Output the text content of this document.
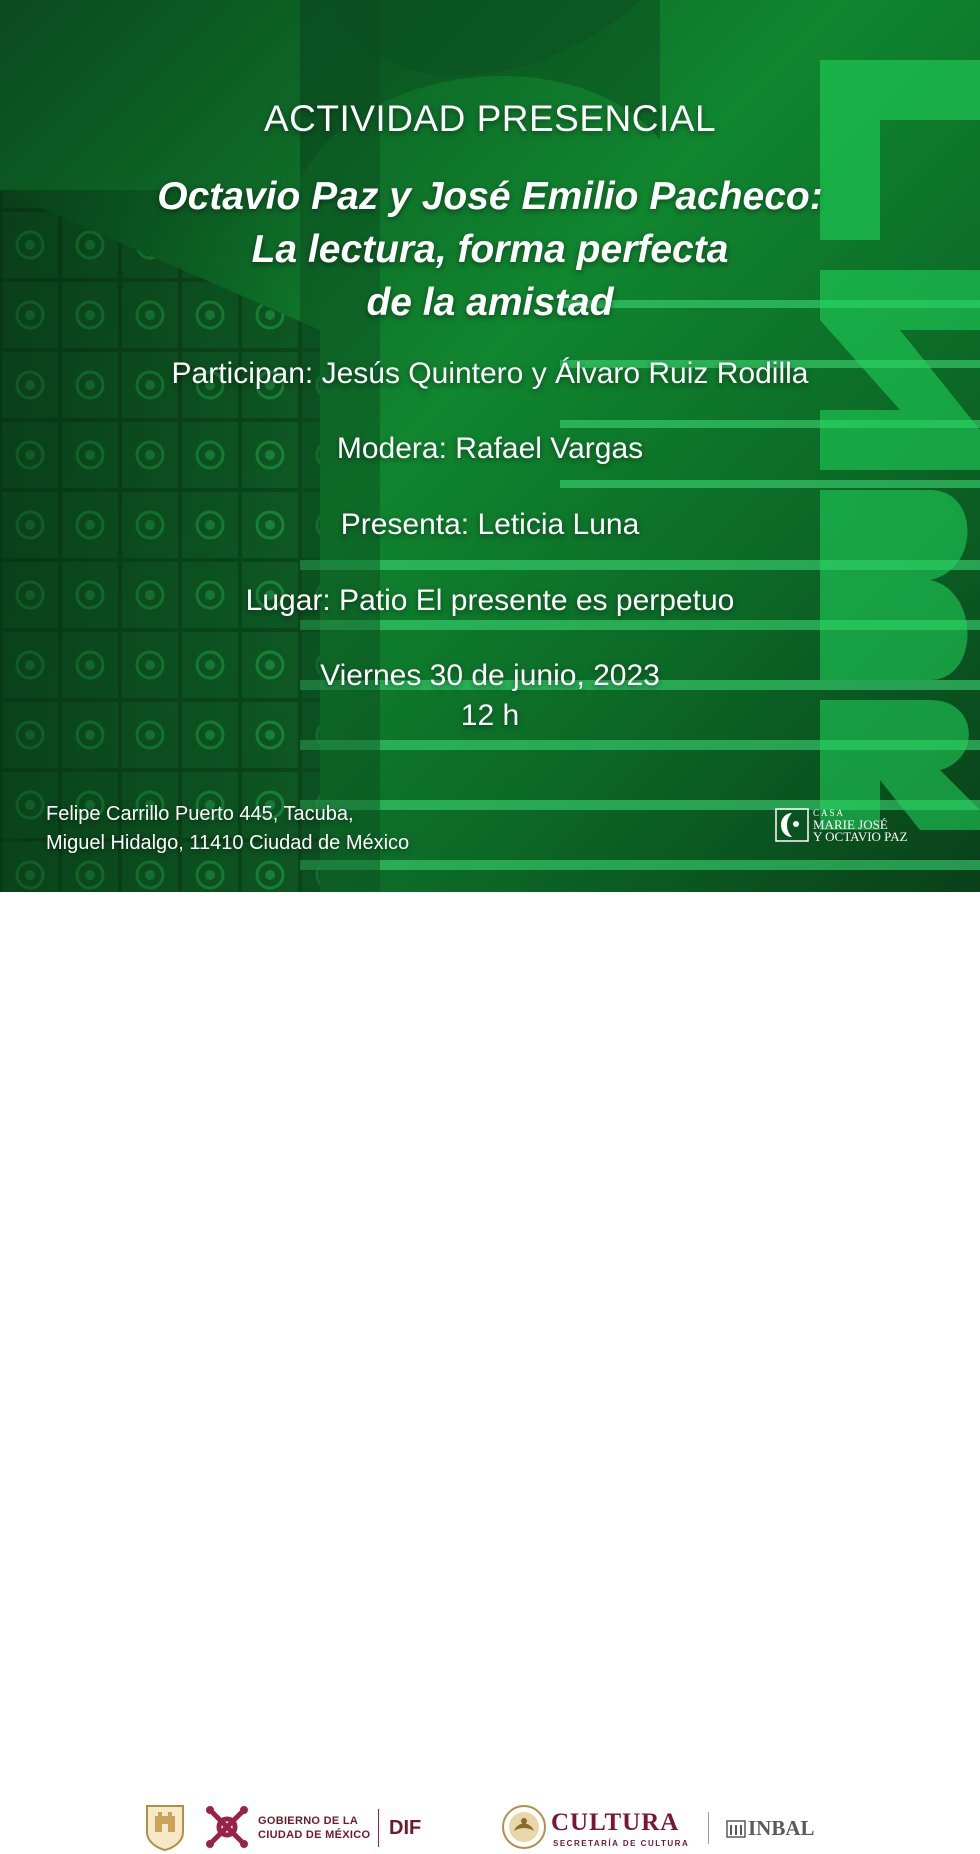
ACTIVIDAD PRESENCIAL
Octavio Paz y José Emilio Pacheco:
La lectura, forma perfecta
de la amistad
Participan: Jesús Quintero y Álvaro Ruiz Rodilla
Modera: Rafael Vargas
Presenta: Leticia Luna
Lugar: Patio El presente es perpetuo
Viernes 30 de junio, 2023
12 h
Felipe Carrillo Puerto 445, Tacuba,
Miguel Hidalgo, 11410 Ciudad de México
CASA
MARIE JOSÉ
Y OCTAVIO PAZ
GOBIERNO DE LA
CIUDAD DE MÉXICO DIF	CULTURA
SECRETARÍA DE CULTURA
INBAL
